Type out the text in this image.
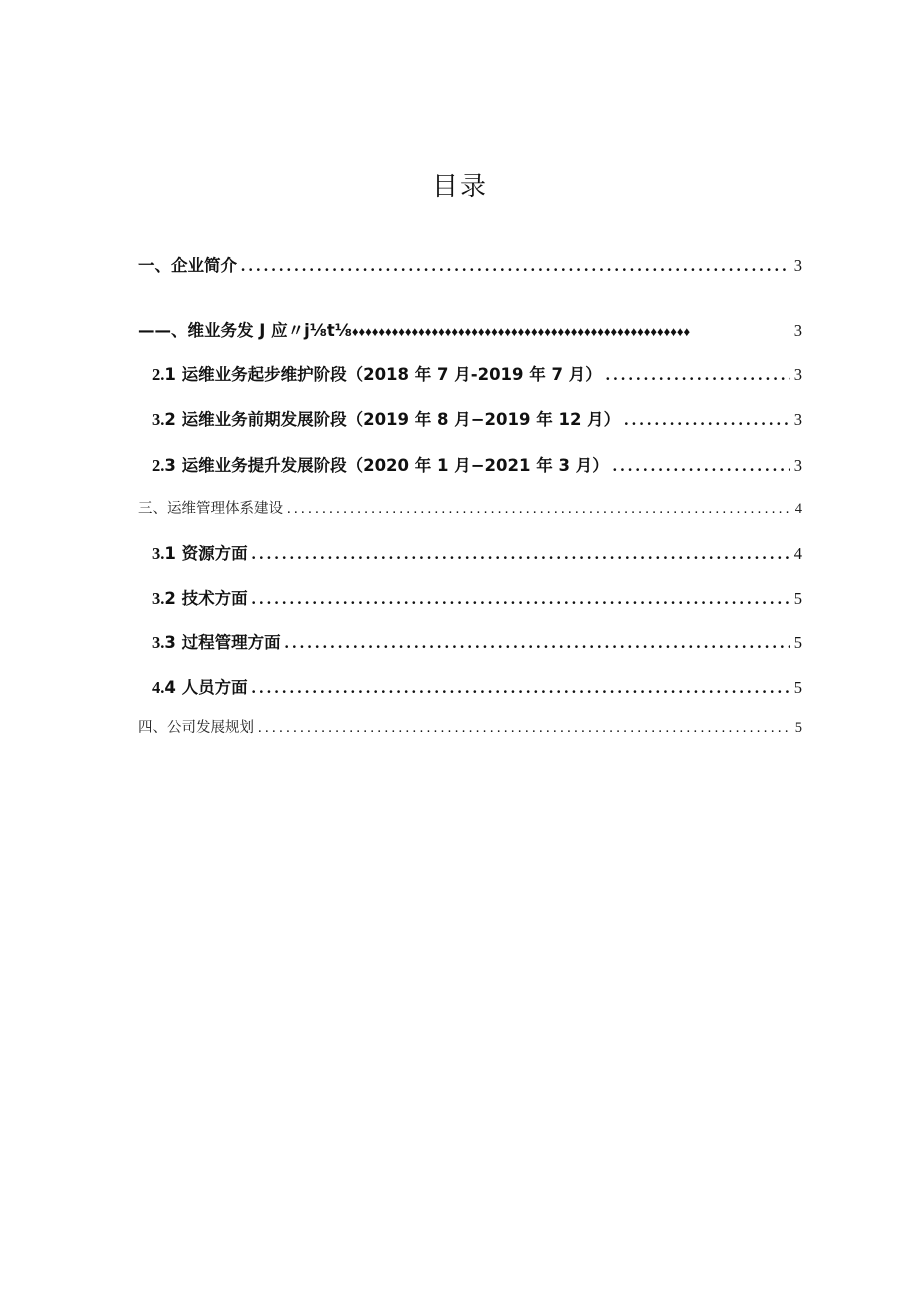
目录
一、企业简介 .....	3
——、维业务发 J 应〃j⅛t⅛ ♦♦♦♦♦♦♦♦♦♦♦♦♦♦♦♦♦♦♦♦♦♦♦♦♦♦♦♦♦♦♦♦♦♦♦♦♦♦♦♦♦♦♦♦♦♦♦♦♦♦♦	3
2. 1 运维业务起步维护阶段（2018 年 7 月-2019 年 7 月） .....	3
3. 2 运维业务前期发展阶段（2019 年 8 月−2019 年 12 月） .....	3
2. 3 运维业务提升发展阶段（2020 年 1 月−2021 年 3 月） .....	3
三、运维管理体系建设 .....	4
3. 1 资源方面 .....	4
3. 2 技术方面 .....	5
3. 3 过程管理方面 .....	5
4. 4 人员方面 .....	5
四、公司发展规划 .....	5
